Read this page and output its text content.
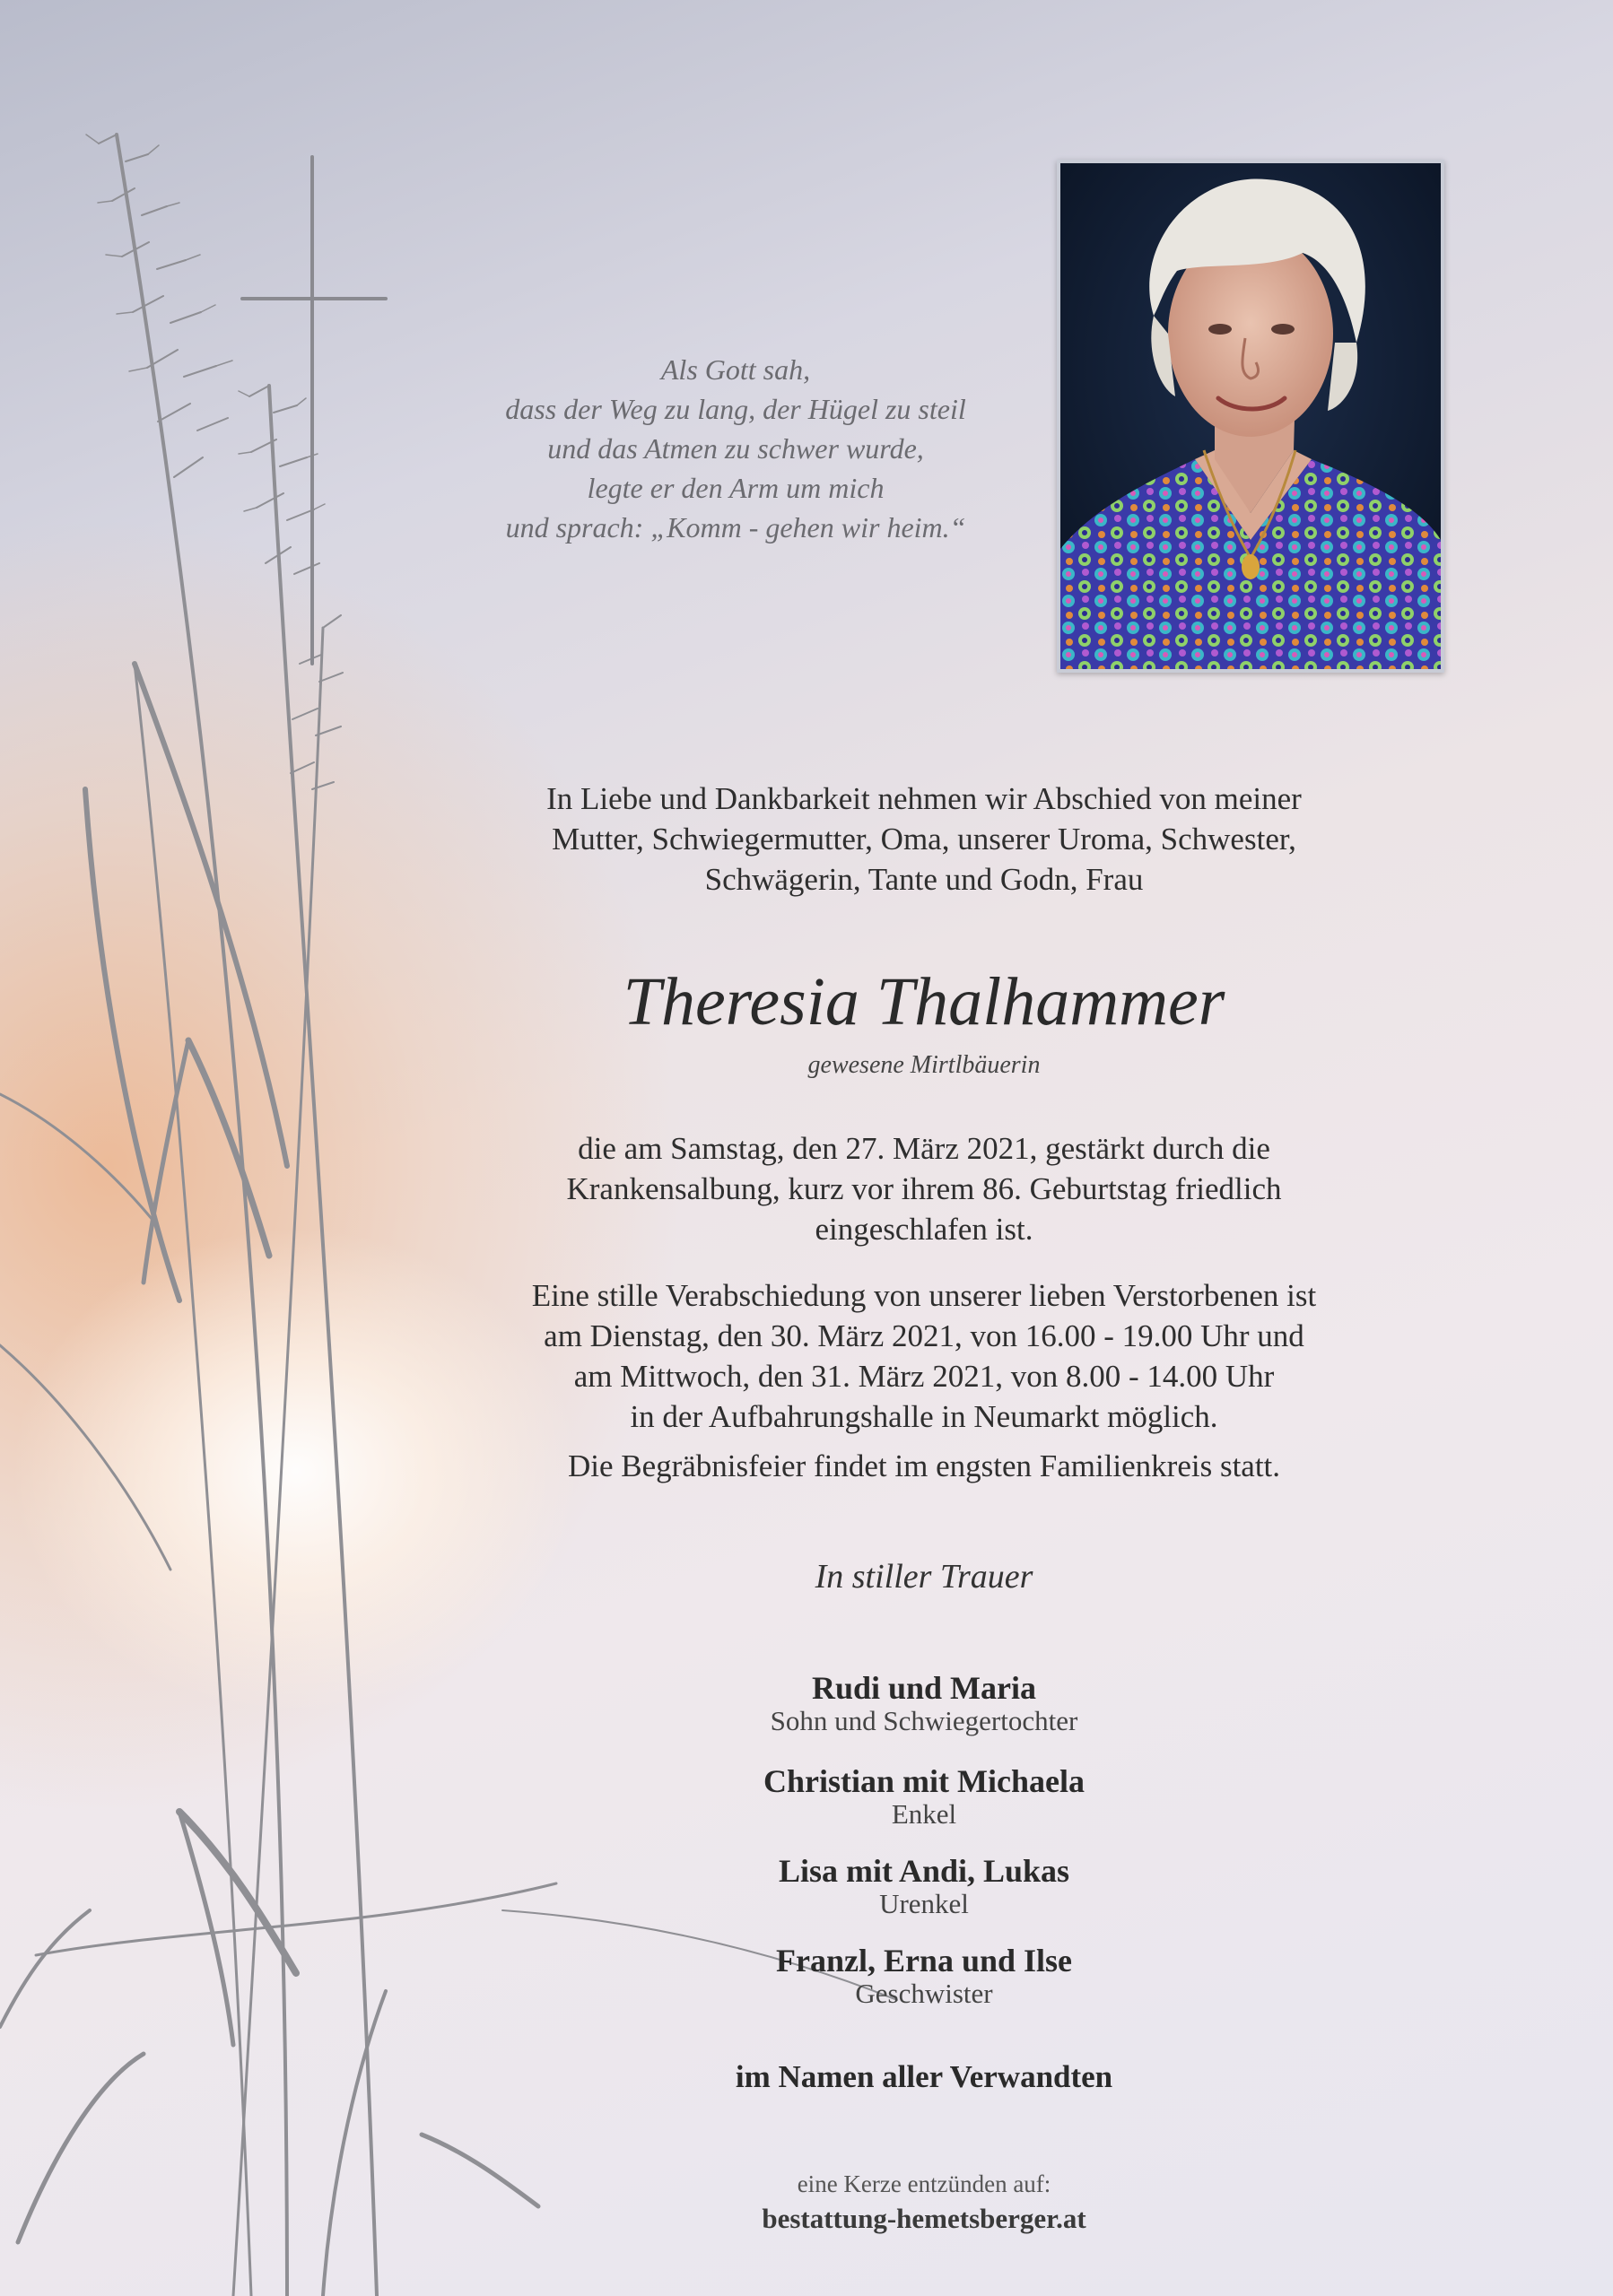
Als Gott sah,
dass der Weg zu lang, der Hügel zu steil
und das Atmen zu schwer wurde,
legte er den Arm um mich
und sprach: „Komm - gehen wir heim.“
In Liebe und Dankbarkeit nehmen wir Abschied von meiner
Mutter, Schwiegermutter, Oma, unserer Uroma, Schwester,
Schwägerin, Tante und Godn, Frau
Theresia Thalhammer
gewesene Mirtlbäuerin
die am Samstag, den 27. März 2021, gestärkt durch die
Krankensalbung, kurz vor ihrem 86. Geburtstag friedlich
eingeschlafen ist.
Eine stille Verabschiedung von unserer lieben Verstorbenen ist
am Dienstag, den 30. März 2021, von 16.00 - 19.00 Uhr und
am Mittwoch, den 31. März 2021, von 8.00 - 14.00 Uhr
in der Aufbahrungshalle in Neumarkt möglich.
Die Begräbnisfeier findet im engsten Familienkreis statt.
In stiller Trauer
Rudi und Maria
Sohn und Schwiegertochter
Christian mit Michaela
Enkel
Lisa mit Andi, Lukas
Urenkel
Franzl, Erna und Ilse
Geschwister
im Namen aller Verwandten
eine Kerze entzünden auf:
bestattung-hemetsberger.at
